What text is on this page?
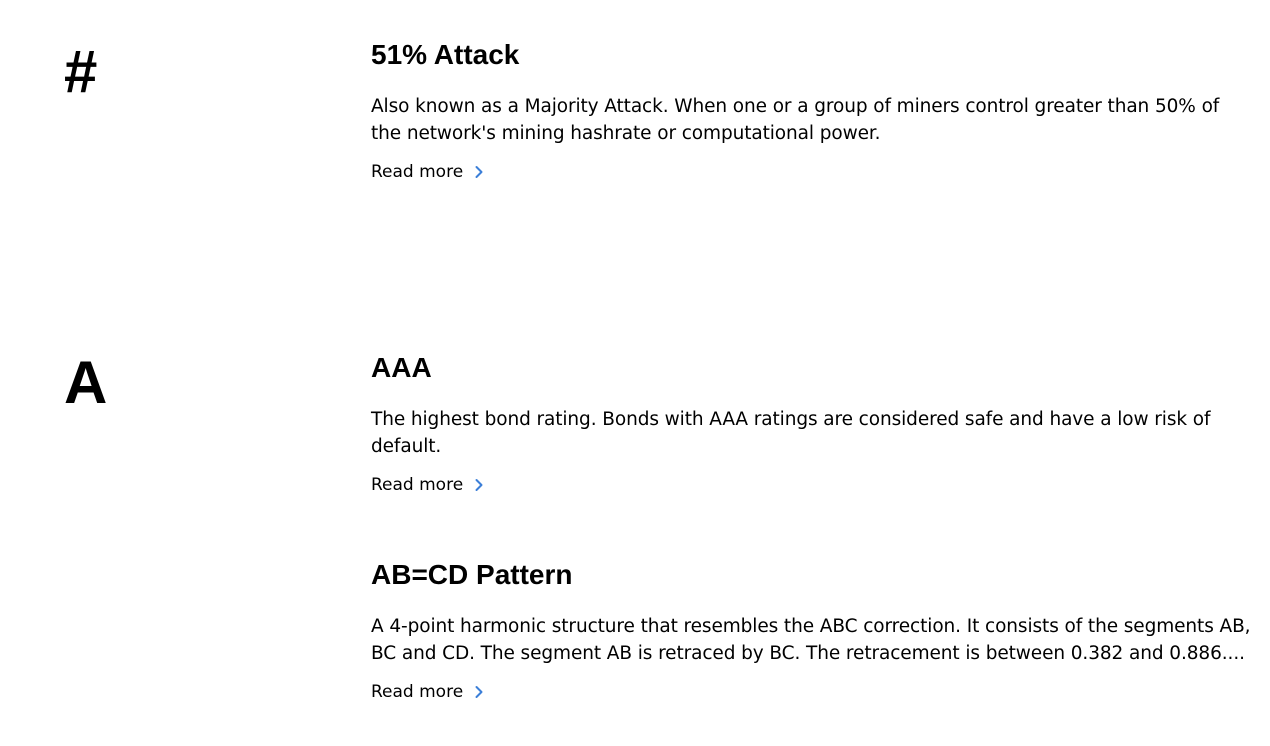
#	51% Attack

Also known as a Majority Attack. When one or a group of miners control greater than 50% of the network's mining hashrate or computational power.

Read more
A	AAA

The highest bond rating. Bonds with AAA ratings are considered safe and have a low risk of default.

Read more
AB=CD Pattern

A 4-point harmonic structure that resembles the ABC correction. It consists of the segments AB, BC and CD. The segment AB is retraced by BC. The retracement is between 0.382 and 0.886....

Read more
